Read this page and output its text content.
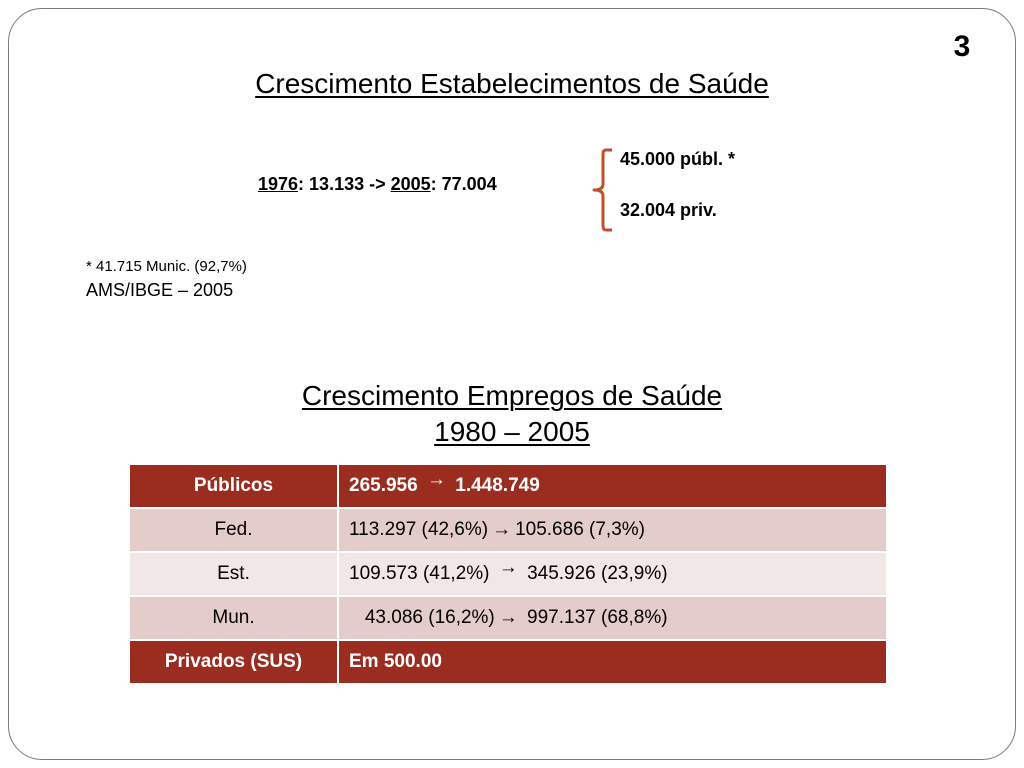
3
Crescimento Estabelecimentos de Saúde
1976: 13.133 -> 2005: 77.004
45.000 públ. *
32.004 priv.
* 41.715 Munic. (92,7%)
AMS/IBGE – 2005
Crescimento Empregos de Saúde
1980 – 2005
Públicos	265.956 → 1.448.749
Fed.	113.297 (42,6%) → 105.686 (7,3%)
Est.	109.573 (41,2%) → 345.926 (23,9%)
Mun.	43.086 (16,2%) → 997.137 (68,8%)
Privados (SUS)	Em 500.00
